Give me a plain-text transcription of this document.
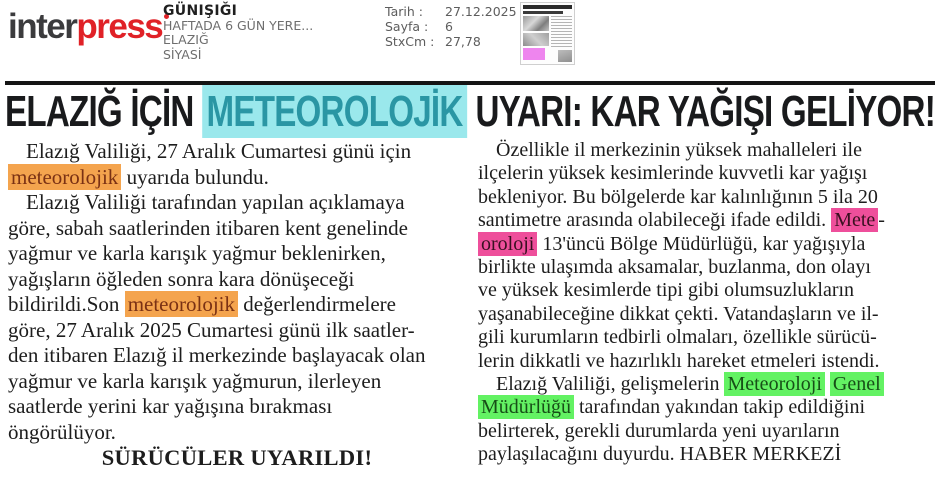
interpress GÜNIŞIĞI
HAFTADA 6 GÜN YERE...
ELAZIĞ
SİYASİ
Tarih : 27.12.2025
Sayfa : 6
StxCm : 27,78
ELAZIĞ İÇİN METEOROLOJİK UYARI: KAR YAĞIŞI GELİYOR!
Elazığ Valiliği, 27 Aralık Cumartesi günü için
meteorolojik uyarıda bulundu.
Elazığ Valiliği tarafından yapılan açıklamaya
göre, sabah saatlerinden itibaren kent genelinde
yağmur ve karla karışık yağmur beklenirken,
yağışların öğleden sonra kara dönüşeceği
bildirildi.Son meteorolojik değerlendirmelere
göre, 27 Aralık 2025 Cumartesi günü ilk saatler-
den itibaren Elazığ il merkezinde başlayacak olan
yağmur ve karla karışık yağmurun, ilerleyen
saatlerde yerini kar yağışına bırakması
öngörülüyor.
SÜRÜCÜLER UYARILDI!
Özellikle il merkezinin yüksek mahalleleri ile
ilçelerin yüksek kesimlerinde kuvvetli kar yağışı
bekleniyor. Bu bölgelerde kar kalınlığının 5 ila 20
santimetre arasında olabileceği ifade edildi. Mete -
oroloji 13'üncü Bölge Müdürlüğü, kar yağışıyla
birlikte ulaşımda aksamalar, buzlanma, don olayı
ve yüksek kesimlerde tipi gibi olumsuzlukların
yaşanabileceğine dikkat çekti. Vatandaşların ve il-
gili kurumların tedbirli olmaları, özellikle sürücü-
lerin dikkatli ve hazırlıklı hareket etmeleri istendi.
Elazığ Valiliği, gelişmelerin Meteoroloji Genel
Müdürlüğü tarafından yakından takip edildiğini
belirterek, gerekli durumlarda yeni uyarıların
paylaşılacağını duyurdu. HABER MERKEZİ
